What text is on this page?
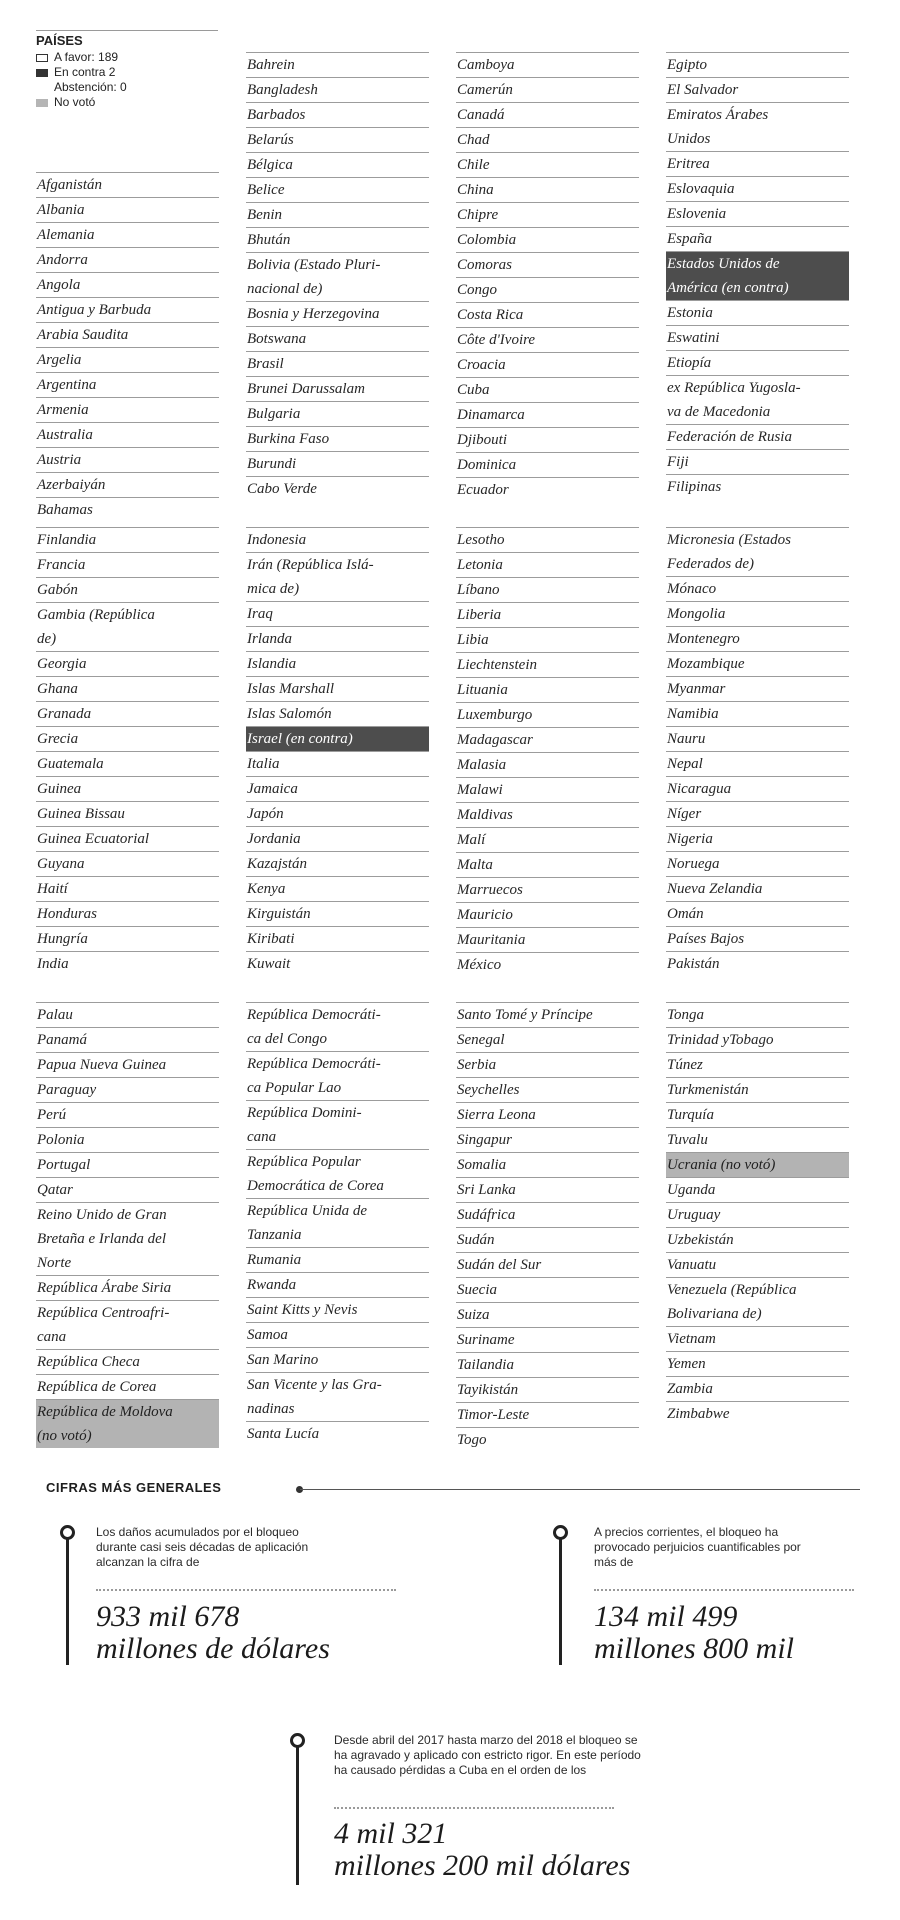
PAÍSES
A favor: 189
En contra 2
Abstención: 0
No votó
Afganistán
Albania
Alemania
Andorra
Angola
Antigua y Barbuda
Arabia Saudita
Argelia
Argentina
Armenia
Australia
Austria
Azerbaiyán
Bahamas
Bahrein
Bangladesh
Barbados
Belarús
Bélgica
Belice
Benin
Bhután
Bolivia (Estado Pluri-
nacional de)
Bosnia y Herzegovina
Botswana
Brasil
Brunei Darussalam
Bulgaria
Burkina Faso
Burundi
Cabo Verde
Camboya
Camerún
Canadá
Chad
Chile
China
Chipre
Colombia
Comoras
Congo
Costa Rica
Côte d'Ivoire
Croacia
Cuba
Dinamarca
Djibouti
Dominica
Ecuador
Egipto
El Salvador
Emiratos Árabes
Unidos
Eritrea
Eslovaquia
Eslovenia
España
Estados Unidos de
América (en contra)
Estonia
Eswatini
Etiopía
ex República Yugosla-
va de Macedonia
Federación de Rusia
Fiji
Filipinas
Finlandia
Francia
Gabón
Gambia (República
de)
Georgia
Ghana
Granada
Grecia
Guatemala
Guinea
Guinea Bissau
Guinea Ecuatorial
Guyana
Haití
Honduras
Hungría
India
Indonesia
Irán (República Islá-
mica de)
Iraq
Irlanda
Islandia
Islas Marshall
Islas Salomón
Israel (en contra)
Italia
Jamaica
Japón
Jordania
Kazajstán
Kenya
Kirguistán
Kiribati
Kuwait
Lesotho
Letonia
Líbano
Liberia
Libia
Liechtenstein
Lituania
Luxemburgo
Madagascar
Malasia
Malawi
Maldivas
Malí
Malta
Marruecos
Mauricio
Mauritania
México
Micronesia (Estados
Federados de)
Mónaco
Mongolia
Montenegro
Mozambique
Myanmar
Namibia
Nauru
Nepal
Nicaragua
Níger
Nigeria
Noruega
Nueva Zelandia
Omán
Países Bajos
Pakistán
Palau
Panamá
Papua Nueva Guinea
Paraguay
Perú
Polonia
Portugal
Qatar
Reino Unido de Gran
Bretaña e Irlanda del
Norte
República Árabe Siria
República Centroafri-
cana
República Checa
República de Corea
República de Moldova
(no votó)
República Democráti-
ca del Congo
República Democráti-
ca Popular Lao
República Domini-
cana
República Popular
Democrática de Corea
República Unida de
Tanzania
Rumania
Rwanda
Saint Kitts y Nevis
Samoa
San Marino
San Vicente y las Gra-
nadinas
Santa Lucía
Santo Tomé y Príncipe
Senegal
Serbia
Seychelles
Sierra Leona
Singapur
Somalia
Sri Lanka
Sudáfrica
Sudán
Sudán del Sur
Suecia
Suiza
Suriname
Tailandia
Tayikistán
Timor-Leste
Togo
Tonga
Trinidad yTobago
Túnez
Turkmenistán
Turquía
Tuvalu
Ucrania (no votó)
Uganda
Uruguay
Uzbekistán
Vanuatu
Venezuela (República
Bolivariana de)
Vietnam
Yemen
Zambia
Zimbabwe
CIFRAS MÁS GENERALES
Los daños acumulados por el bloqueo
durante casi seis décadas de aplicación
alcanzan la cifra de
933 mil 678
millones de dólares
A precios corrientes, el bloqueo ha
provocado perjuicios cuantificables por
más de
134 mil 499
millones 800 mil
Desde abril del 2017 hasta marzo del 2018 el bloqueo se
ha agravado y aplicado con estricto rigor. En este período
ha causado pérdidas a Cuba en el orden de los
4 mil 321
millones 200 mil dólares
